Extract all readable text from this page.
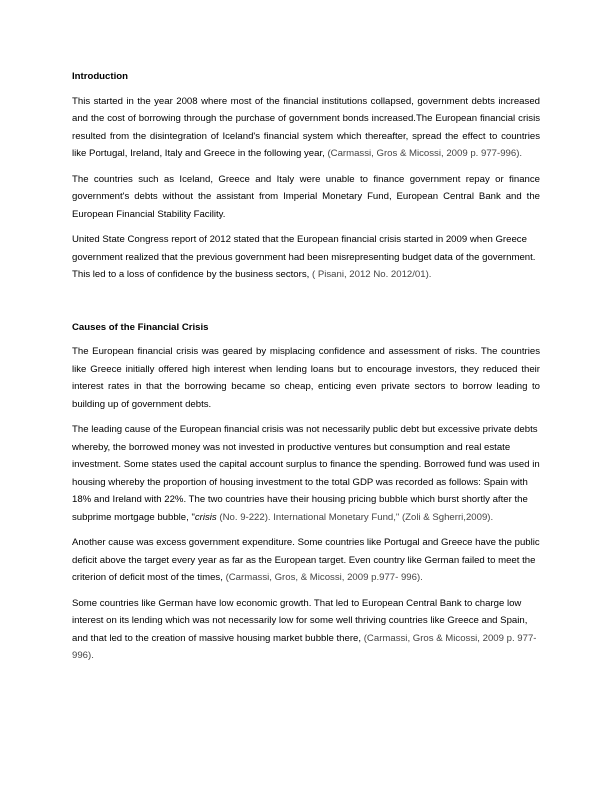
Introduction

This started in the year 2008 where most of the financial institutions collapsed, government debts increased and the cost of borrowing through the purchase of government bonds increased.The European financial crisis resulted from the disintegration of Iceland's financial system which thereafter, spread the effect to countries like Portugal, Ireland, Italy and Greece in the following year, (Carmassi, Gros & Micossi, 2009 p. 977-996).

The countries such as Iceland, Greece and Italy were unable to finance government repay or finance government's debts without the assistant from Imperial Monetary Fund, European Central Bank and the European Financial Stability Facility.

United State Congress report of 2012 stated that the European financial crisis started in 2009 when Greece government realized that the previous government had been misrepresenting budget data of the government. This led to a loss of confidence by the business sectors, ( Pisani, 2012 No. 2012/01).

Causes of the Financial Crisis

The European financial crisis was geared by misplacing confidence and assessment of risks. The countries like Greece initially offered high interest when lending loans but to encourage investors, they reduced their interest rates in that the borrowing became so cheap, enticing even private sectors to borrow leading to building up of government debts.

The leading cause of the European financial crisis was not necessarily public debt but excessive private debts whereby, the borrowed money was not invested in productive ventures but consumption and real estate investment. Some states used the capital account surplus to finance the spending. Borrowed fund was used in housing whereby the proportion of housing investment to the total GDP was recorded as follows: Spain with 18% and Ireland with 22%. The two countries have their housing pricing bubble which burst shortly after the subprime mortgage bubble, "crisis (No. 9-222). International Monetary Fund," (Zoli & Sgherri,2009).

Another cause was excess government expenditure. Some countries like Portugal and Greece have the public deficit above the target every year as far as the European target. Even country like German failed to meet the criterion of deficit most of the times, (Carmassi, Gros, & Micossi, 2009 p.977- 996).

Some countries like German have low economic growth. That led to European Central Bank to charge low interest on its lending which was not necessarily low for some well thriving countries like Greece and Spain, and that led to the creation of massive housing market bubble there, (Carmassi, Gros & Micossi, 2009 p. 977-996).
